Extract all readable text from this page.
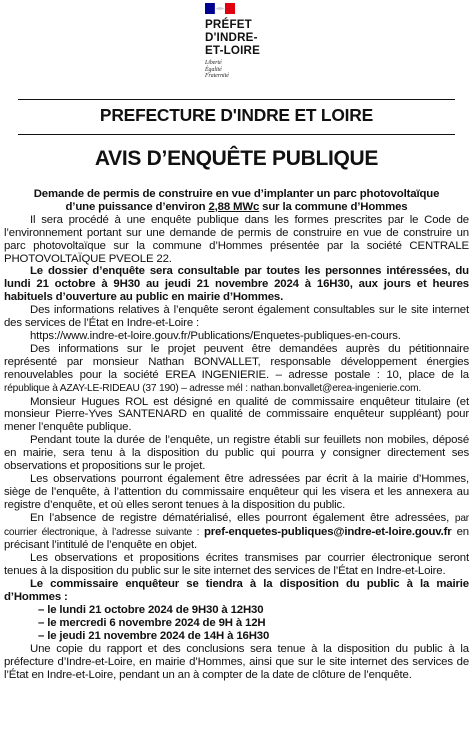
PRÉFET
D'INDRE-
ET-LOIRE
Liberté
Égalité
Fraternité
PREFECTURE D'INDRE ET LOIRE
AVIS D’ENQUÊTE PUBLIQUE

Demande de permis de construire en vue d’implanter un parc photovoltaïque
d’une puissance d’environ 2,88 MWc sur la commune d’Hommes

Il sera procédé à une enquête publique dans les formes prescrites par le Code de l’environnement portant sur une demande de permis de construire en vue de construire un parc photovoltaïque sur la commune d’Hommes présentée par la société CENTRALE PHOTOVOLTAÏQUE PVEOLE 22.

Le dossier d’enquête sera consultable par toutes les personnes intéressées, du lundi 21 octobre à 9H30 au jeudi 21 novembre 2024 à 16H30, aux jours et heures habituels d’ouverture au public en mairie d’Hommes.

Des informations relatives à l’enquête seront également consultables sur le site internet des services de l’État en Indre-et-Loire :

https://www.indre-et-loire.gouv.fr/Publications/Enquetes-publiques-en-cours.

Des informations sur le projet peuvent être demandées auprès du pétitionnaire représenté par monsieur Nathan BONVALLET, responsable développement énergies renouvelables pour la société EREA INGENIERIE. – adresse postale : 10, place de la république à AZAY-LE-RIDEAU (37 190) – adresse mél : nathan.bonvallet@erea-ingenierie.com.

Monsieur Hugues ROL est désigné en qualité de commissaire enquêteur titulaire (et monsieur Pierre-Yves SANTENARD en qualité de commissaire enquêteur suppléant) pour mener l’enquête publique.

Pendant toute la durée de l’enquête, un registre établi sur feuillets non mobiles, déposé en mairie, sera tenu à la disposition du public qui pourra y consigner directement ses observations et propositions sur le projet.

Les observations pourront également être adressées par écrit à la mairie d’Hommes, siège de l’enquête, à l’attention du commissaire enquêteur qui les visera et les annexera au registre d’enquête, et où elles seront tenues à la disposition du public.

En l’absence de registre dématérialisé, elles pourront également être adressées, par courrier électronique, à l’adresse suivante : pref-enquetes-publiques@indre-et-loire.gouv.fr en précisant l’intitulé de l’enquête en objet.

Les observations et propositions écrites transmises par courrier électronique seront tenues à la disposition du public sur le site internet des services de l’État en Indre-et-Loire.

Le commissaire enquêteur se tiendra à la disposition du public à la mairie d’Hommes :

– le lundi 21 octobre 2024 de 9H30 à 12H30
– le mercredi 6 novembre 2024 de 9H à 12H
– le jeudi 21 novembre 2024 de 14H à 16H30

Une copie du rapport et des conclusions sera tenue à la disposition du public à la préfecture d’Indre-et-Loire, en mairie d’Hommes, ainsi que sur le site internet des services de l’État en Indre-et-Loire, pendant un an à compter de la date de clôture de l’enquête.
